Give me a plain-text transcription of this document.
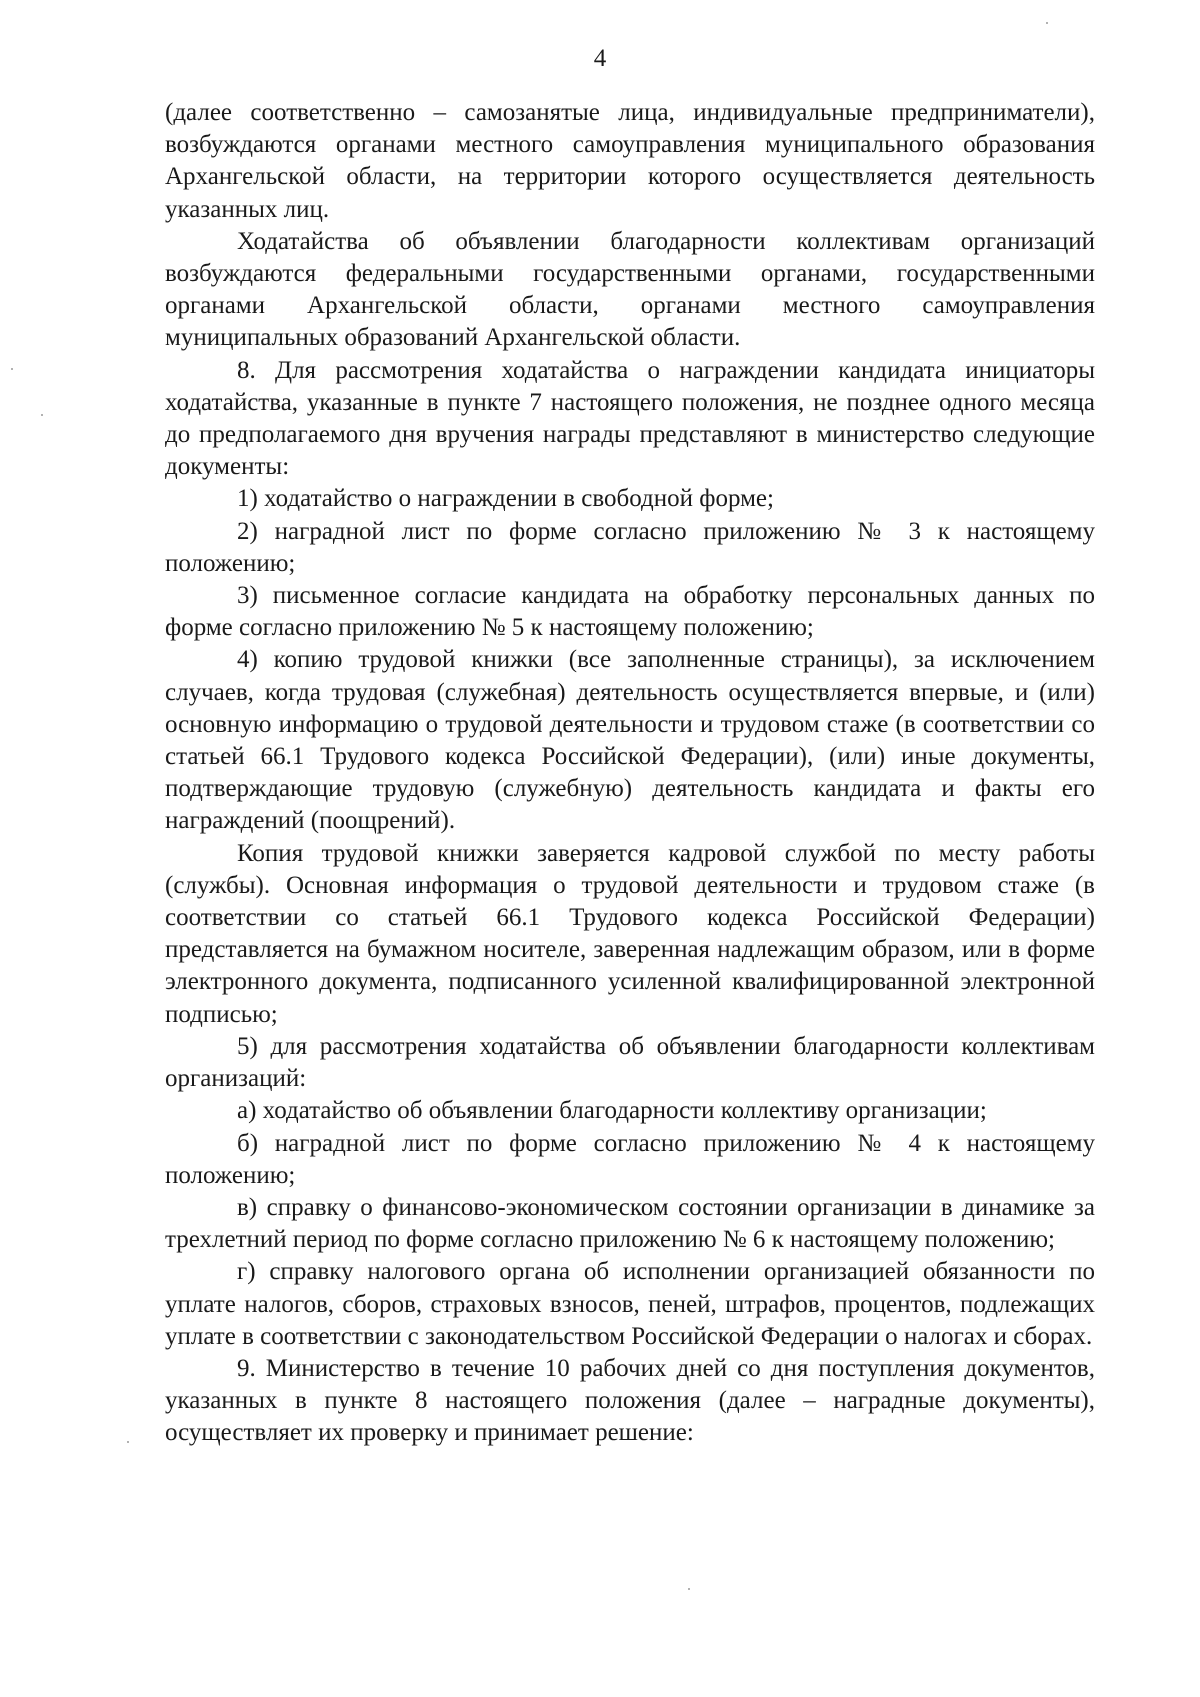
4

(далее соответственно – самозанятые лица, индивидуальные предприниматели), возбуждаются органами местного самоуправления муниципального образования Архангельской области, на территории которого осуществляется деятельность указанных лиц.

Ходатайства об объявлении благодарности коллективам организаций возбуждаются федеральными государственными органами, государственными органами Архангельской области, органами местного самоуправления муниципальных образований Архангельской области.

8. Для рассмотрения ходатайства о награждении кандидата инициаторы ходатайства, указанные в пункте 7 настоящего положения, не позднее одного месяца до предполагаемого дня вручения награды представляют в министерство следующие документы:

1) ходатайство о награждении в свободной форме;

2) наградной лист по форме согласно приложению № 3 к настоящему положению;

3) письменное согласие кандидата на обработку персональных данных по форме согласно приложению № 5 к настоящему положению;

4) копию трудовой книжки (все заполненные страницы), за исключением случаев, когда трудовая (служебная) деятельность осуществляется впервые, и (или) основную информацию о трудовой деятельности и трудовом стаже (в соответствии со статьей 66.1 Трудового кодекса Российской Федерации), (или) иные документы, подтверждающие трудовую (служебную) деятельность кандидата и факты его награждений (поощрений).

Копия трудовой книжки заверяется кадровой службой по месту работы (службы). Основная информация о трудовой деятельности и трудовом стаже (в соответствии со статьей 66.1 Трудового кодекса Российской Федерации) представляется на бумажном носителе, заверенная надлежащим образом, или в форме электронного документа, подписанного усиленной квалифицированной электронной подписью;

5) для рассмотрения ходатайства об объявлении благодарности коллективам организаций:

а) ходатайство об объявлении благодарности коллективу организации;

б) наградной лист по форме согласно приложению № 4 к настоящему положению;

в) справку о финансово-экономическом состоянии организации в динамике за трехлетний период по форме согласно приложению № 6 к настоящему положению;

г) справку налогового органа об исполнении организацией обязанности по уплате налогов, сборов, страховых взносов, пеней, штрафов, процентов, подлежащих уплате в соответствии с законодательством Российской Федерации о налогах и сборах.

9. Министерство в течение 10 рабочих дней со дня поступления документов, указанных в пункте 8 настоящего положения (далее – наградные документы), осуществляет их проверку и принимает решение:
